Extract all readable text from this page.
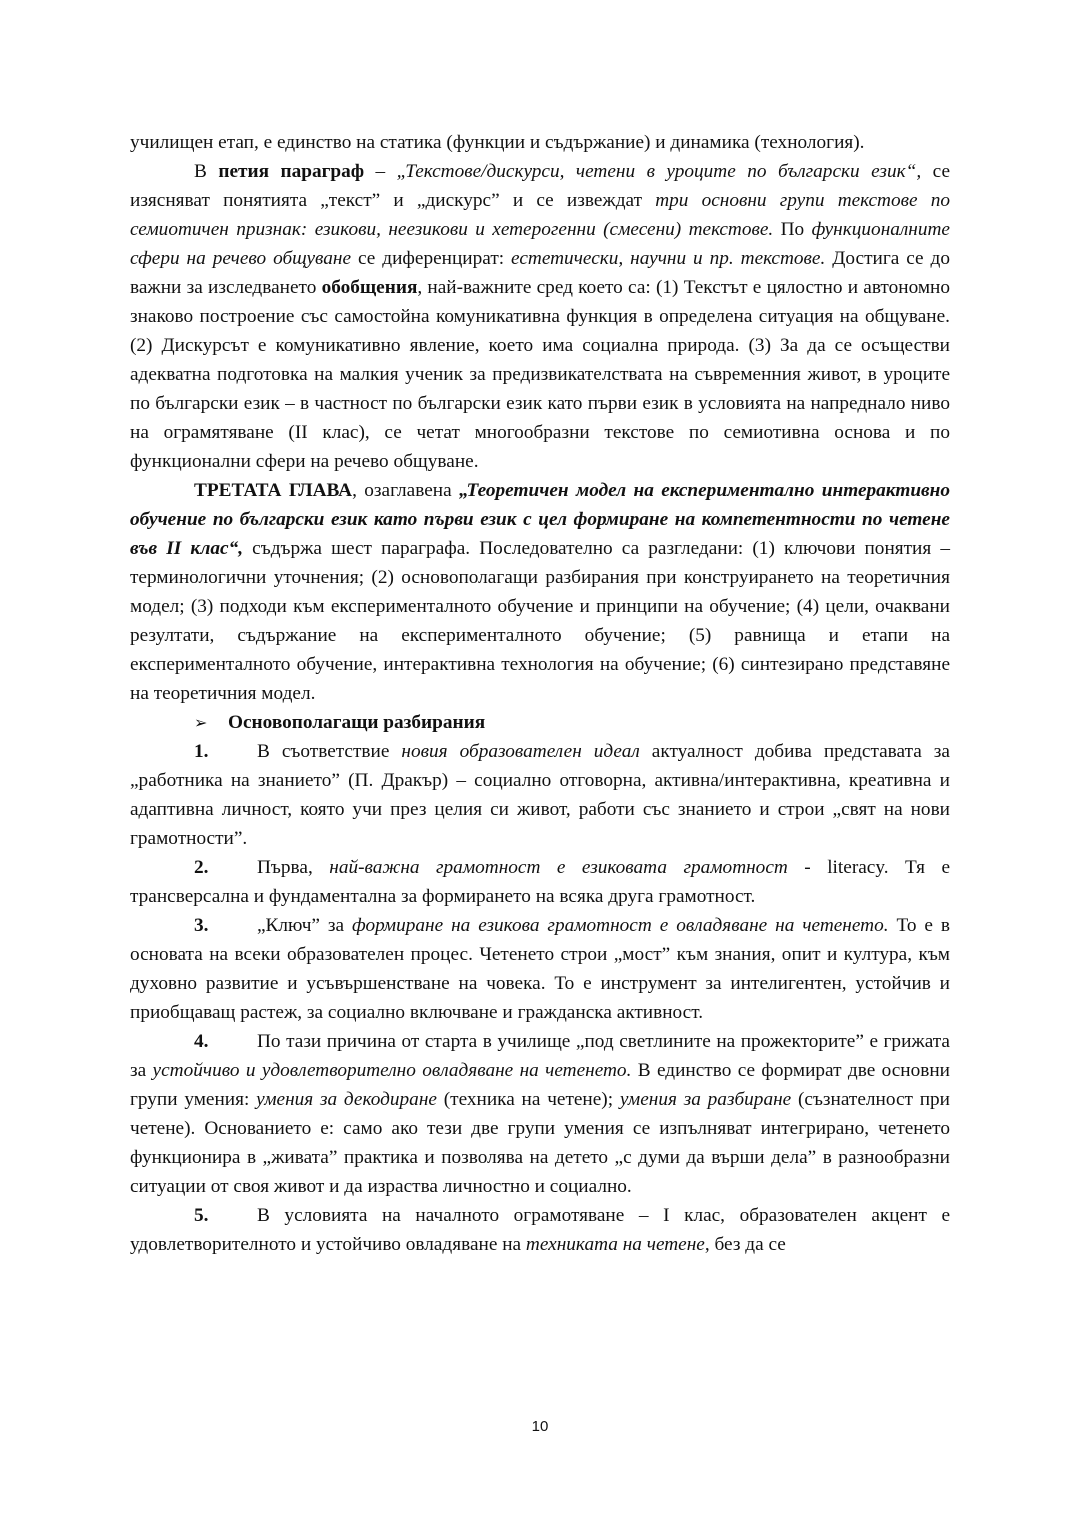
училищен етап, е единство на статика (функции и съдържание) и динамика (технология).

В петия параграф – „Текстове/дискурси, четени в уроците по български език“, се изясняват понятията „текст” и „дискурс” и се извеждат три основни групи текстове по семиотичен признак: езикови, неезикови и хетерогенни (смесени) текстове. По функционалните сфери на речево общуване се диференцират: естетически, научни и пр. текстове. Достига се до важни за изследването обобщения, най-важните сред което са: (1) Текстът е цялостно и автономно знаково построение със самостойна комуникативна функция в определена ситуация на общуване. (2) Дискурсът е комуникативно явление, което има социална природа. (3) За да се осъществи адекватна подготовка на малкия ученик за предизвикателствата на съвременния живот, в уроците по български език – в частност по български език като първи език в условията на напреднало ниво на ограмятяване (II клас), се четат многообразни текстове по семиотивна основа и по функционални сфери на речево общуване.

ТРЕТАТА ГЛАВА, озаглавена „Теоретичен модел на експериментално интерактивно обучение по български език като първи език с цел формиране на компетентности по четене във II клас“, съдържа шест параграфа. Последователно са разгледани: (1) ключови понятия – терминологични уточнения; (2) основополагащи разбирания при конструирането на теоретичния модел; (3) подходи към експерименталното обучение и принципи на обучение; (4) цели, очаквани резултати, съдържание на експерименталното обучение; (5) равнища и етапи на експерименталното обучение, интерактивна технология на обучение; (6) синтезирано представяне на теоретичния модел.

➢ Основополагащи разбирания

1.	В съответствие новия образователен идеал актуалност добива представата за „работника на знанието” (П. Дракър) – социално отговорна, активна/интерактивна, креативна и адаптивна личност, която учи през целия си живот, работи със знанието и строи „свят на нови грамотности”.

2.	Първа, най-важна грамотност е езиковата грамотност - literacy. Тя е трансверсална и фундаментална за формирането на всяка друга грамотност.

3.	„Ключ” за формиране на езикова грамотност е овладяване на четенето. То е в основата на всеки образователен процес. Четенето строи „мост” към знания, опит и култура, към духовно развитие и усъвършенстване на човека. То е инструмент за интелигентен, устойчив и приобщаващ растеж, за социално включване и гражданска активност.

4.	По тази причина от старта в училище „под светлините на прожекторите” е грижата за устойчиво и удовлетворително овладяване на четенето. В единство се формират две основни групи умения: умения за декодиране (техника на четене); умения за разбиране (съзнателност при четене). Основанието е: само ако тези две групи умения се изпълняват интегрирано, четенето функционира в „живата” практика и позволява на детето „с думи да върши дела” в разнообразни ситуации от своя живот и да израства личностно и социално.

5.	В условията на началното ограмотяване – I клас, образователен акцент е удовлетворителното и устойчиво овладяване на техниката на четене, без да се

10
